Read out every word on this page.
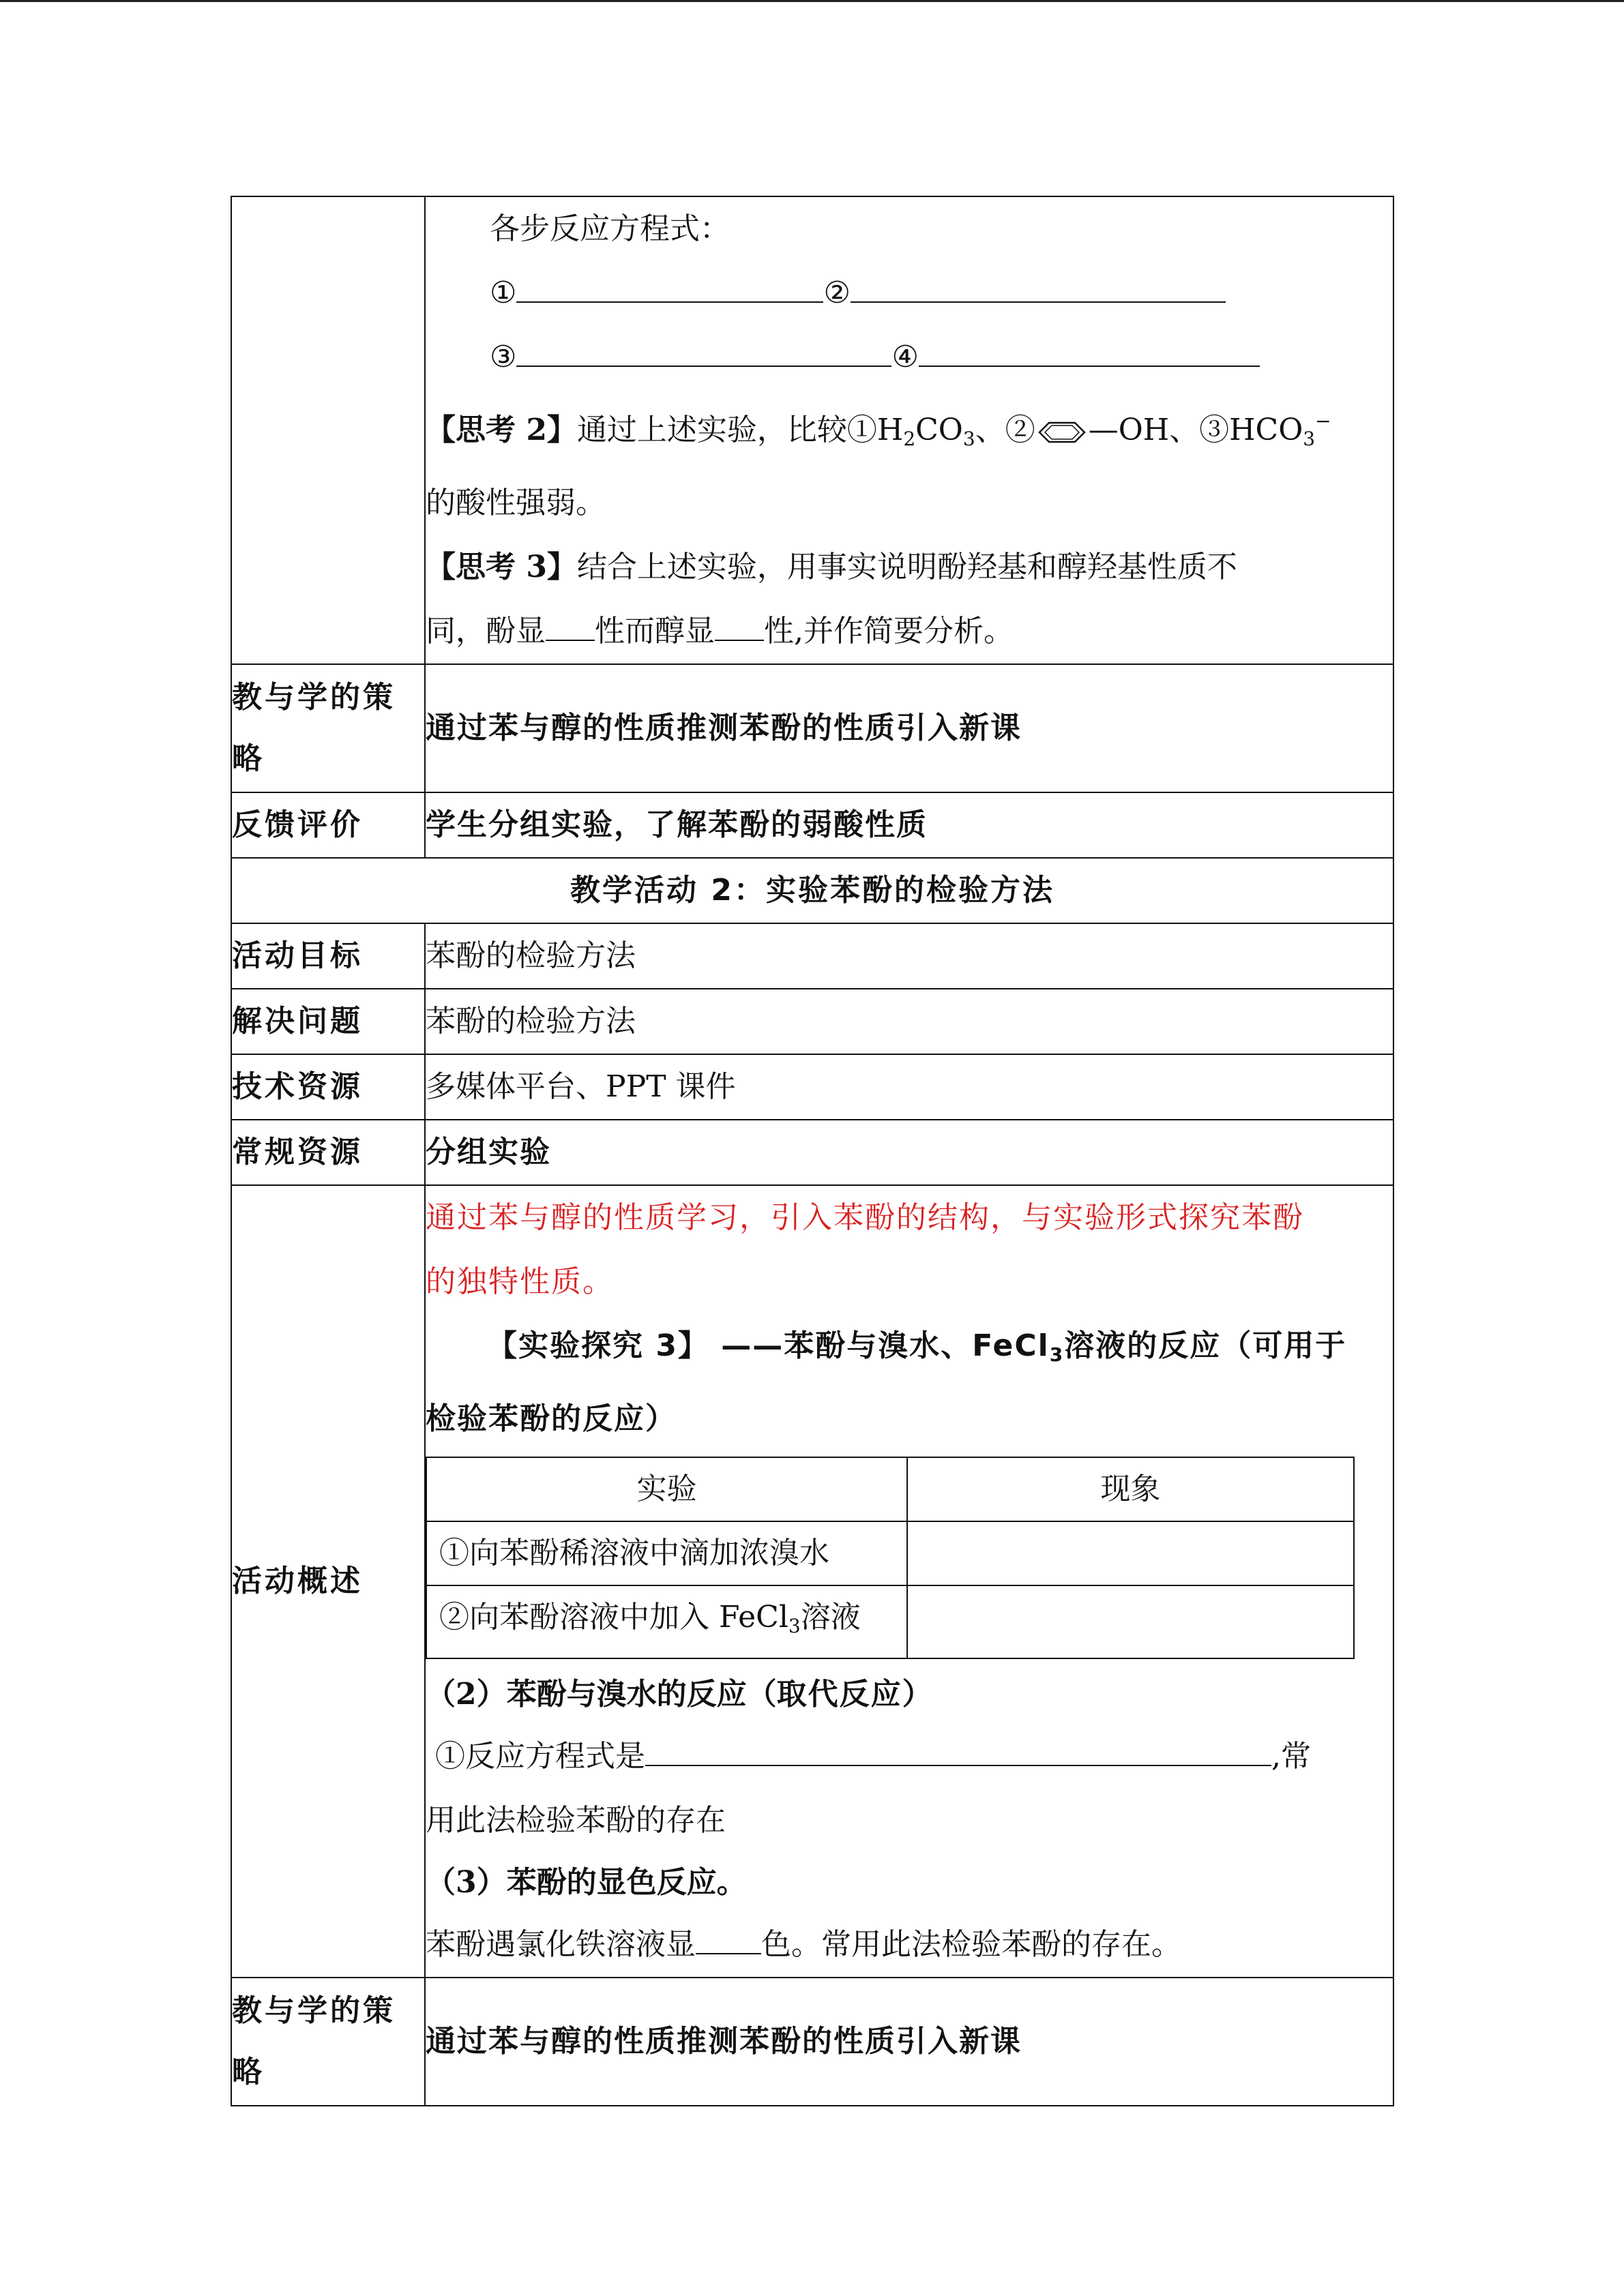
各步反应方程式：
①	②
③	④
【思考 2】通过上述实验，比较$①H_2CO_3$、② —OH、$③HCO_3^-$
的酸性强弱。
【思考 3】结合上述实验，用事实说明酚羟基和醇羟基性质不
同，酚显 性而醇显 性,并作简要分析。

教与学的策略	通过苯与醇的性质推测苯酚的性质引入新课
反馈评价	学生分组实验，了解苯酚的弱酸性质
教学活动 2：实验苯酚的检验方法
活动目标	苯酚的检验方法
解决问题	苯酚的检验方法
技术资源	多媒体平台、PPT 课件
常规资源	分组实验
活动概述	
通过苯与醇的性质学习，引入苯酚的结构，与实验形式探究苯酚
的独特性质。
【实验探究 3】 ——苯酚与溴水、FeCl$_3$溶液的反应（可用于
检验苯酚的反应）
实验	现象
①向苯酚稀溶液中滴加浓溴水	
②向苯酚溶液中加入 FeCl$_3$溶液	
（2）苯酚与溴水的反应（取代反应）
①反应方程式是	,常
用此法检验苯酚的存在
（3）苯酚的显色反应。
苯酚遇氯化铁溶液显 色。常用此法检验苯酚的存在。

教与学的策略	通过苯与醇的性质推测苯酚的性质引入新课
